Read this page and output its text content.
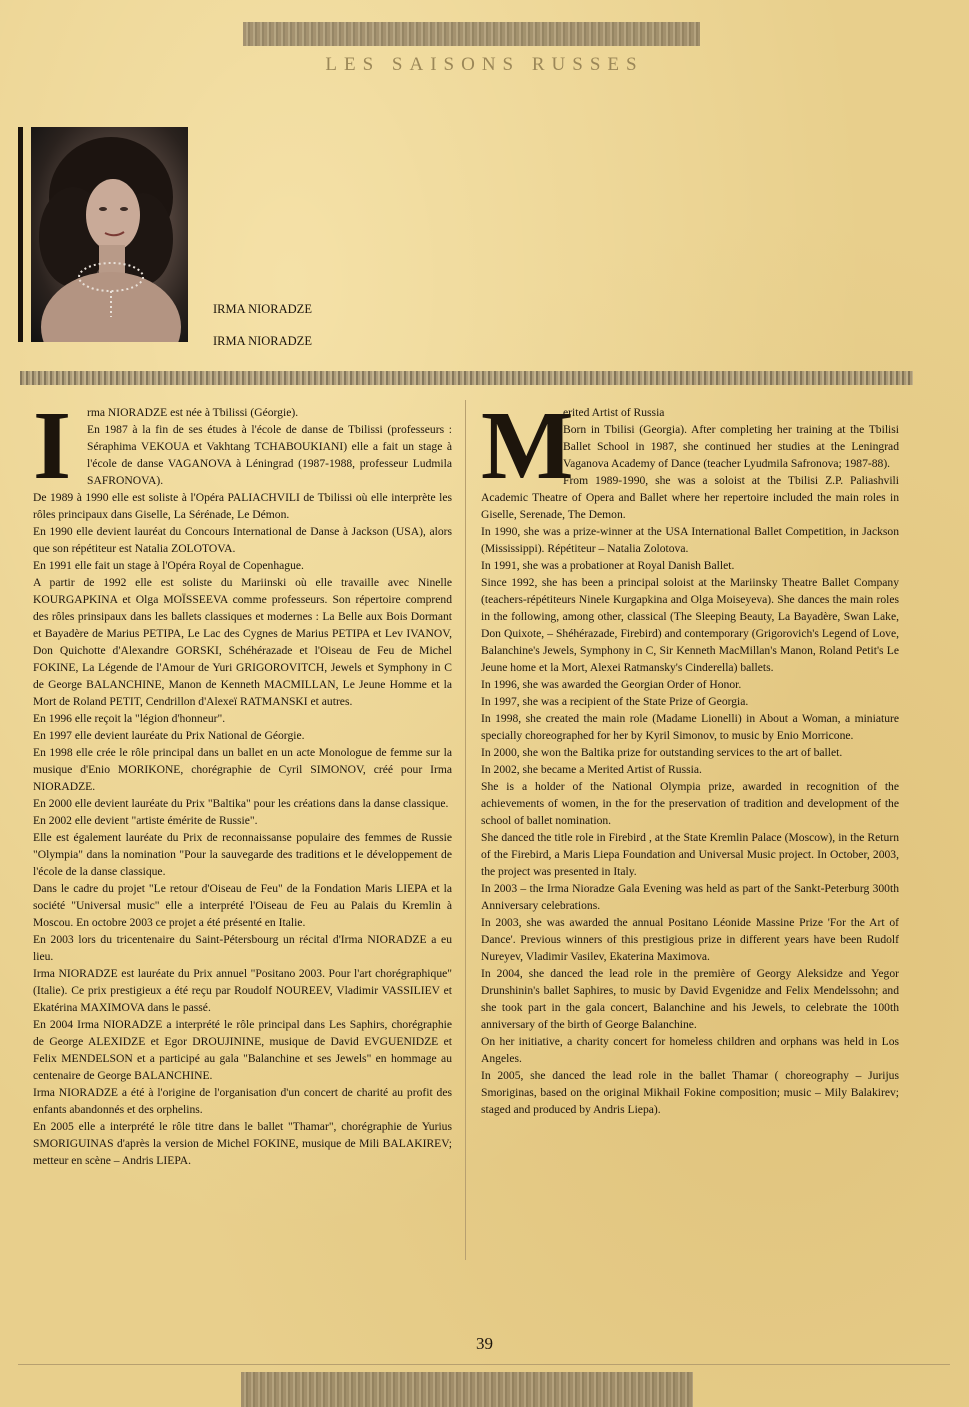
LES SAISONS RUSSES
IRMA NIORADZE
IRMA NIORADZE
I	rma NIORADZE est née à Tbilissi (Géorgie).

En 1987 à la fin de ses études à l'école de danse de Tbilissi (professeurs : Séraphima VEKOUA et Vakhtang TCHABOUKIANI) elle a fait un stage à l'école de danse VAGANOVA à Léningrad (1987-1988, professeur Ludmila SAFRONOVA).

De 1989 à 1990 elle est soliste à l'Opéra PALIACHVILI de Tbilissi où elle interprète les rôles principaux dans Giselle, La Sérénade, Le Démon.

En 1990 elle devient lauréat du Concours International de Danse à Jackson (USA), alors que son répétiteur est Natalia ZOLOTOVA.

En 1991 elle fait un stage à l'Opéra Royal de Copenhague.

A partir de 1992 elle est soliste du Mariinski où elle travaille avec Ninelle KOURGAPKINA et Olga MOÏSSEEVA comme professeurs. Son répertoire comprend des rôles prinsipaux dans les ballets classiques et modernes : La Belle aux Bois Dormant et Bayadère de Marius PETIPA, Le Lac des Cygnes de Marius PETIPA et Lev IVANOV, Don Quichotte d'Alexandre GORSKI, Schéhérazade et l'Oiseau de Feu de Michel FOKINE, La Légende de l'Amour de Yuri GRIGOROVITCH, Jewels et Symphony in C de George BALANCHINE, Manon de Kenneth MACMILLAN, Le Jeune Homme et la Mort de Roland PETIT, Cendrillon d'Alexeï RATMANSKI et autres.

En 1996 elle reçoit la "légion d'honneur".

En 1997 elle devient lauréate du Prix National de Géorgie.

En 1998 elle crée le rôle principal dans un ballet en un acte Monologue de femme sur la musique d'Enio MORIKONE, chorégraphie de Cyril SIMONOV, créé pour Irma NIORADZE.

En 2000 elle devient lauréate du Prix "Baltika" pour les créations dans la danse classique.

En 2002 elle devient "artiste émérite de Russie".

Elle est également lauréate du Prix de reconnaissanse populaire des femmes de Russie "Olympia" dans la nomination "Pour la sauvegarde des traditions et le développement de l'école de la danse classique.

Dans le cadre du projet "Le retour d'Oiseau de Feu" de la Fondation Maris LIEPA et la société "Universal music" elle a interprété l'Oiseau de Feu au Palais du Kremlin à Moscou. En octobre 2003 ce projet a été présenté en Italie.

En 2003 lors du tricentenaire du Saint-Pétersbourg un récital d'Irma NIORADZE a eu lieu.

Irma NIORADZE est lauréate du Prix annuel "Positano 2003. Pour l'art chorégraphique" (Italie). Ce prix prestigieux a été reçu par Roudolf NOUREEV, Vladimir VASSILIEV et Ekatérina MAXIMOVA dans le passé.

En 2004 Irma NIORADZE a interprété le rôle principal dans Les Saphirs, chorégraphie de George ALEXIDZE et Egor DROUJININE, musique de David EVGUENIDZE et Felix MENDELSON et a participé au gala "Balanchine et ses Jewels" en hommage au centenaire de George BALANCHINE.

Irma NIORADZE a été à l'origine de l'organisation d'un concert de charité au profit des enfants abandonnés et des orphelins.

En 2005 elle a interprété le rôle titre dans le ballet "Thamar", chorégraphie de Yurius SMORIGUINAS d'après la version de Michel FOKINE, musique de Mili BALAKIREV; metteur en scène – Andris LIEPA.

M

erited Artist of Russia

Born in Tbilisi (Georgia). After completing her training at the Tbilisi Ballet School in 1987, she continued her studies at the Leningrad Vaganova Academy of Dance (teacher Lyudmila Safronova; 1987-88).

From 1989-1990, she was a soloist at the Tbilisi Z.P. Paliashvili Academic Theatre of Opera and Ballet where her repertoire included the main roles in Giselle, Serenade, The Demon.

In 1990, she was a prize-winner at the USA International Ballet Competition, in Jackson (Mississippi). Répétiteur – Natalia Zolotova.

In 1991, she was a probationer at Royal Danish Ballet.

Since 1992, she has been a principal soloist at the Mariinsky Theatre Ballet Company (teachers-répétiteurs Ninele Kurgapkina and Olga Moiseyeva). She dances the main roles in the following, among other, classical (The Sleeping Beauty, La Bayadère, Swan Lake, Don Quixote, – Shéhérazade, Firebird) and contemporary (Grigorovich's Legend of Love, Balanchine's Jewels, Symphony in C, Sir Kenneth MacMillan's Manon, Roland Petit's Le Jeune home et la Mort, Alexei Ratmansky's Cinderella) ballets.

In 1996, she was awarded the Georgian Order of Honor.

In 1997, she was a recipient of the State Prize of Georgia.

In 1998, she created the main role (Madame Lionelli) in About a Woman, a miniature specially choreographed for her by Kyril Simonov, to music by Enio Morricone.

In 2000, she won the Baltika prize for outstanding services to the art of ballet.

In 2002, she became a Merited Artist of Russia.

She is a holder of the National Olympia prize, awarded in recognition of the achievements of women, in the for the preservation of tradition and development of the school of ballet nomination.

She danced the title role in Firebird , at the State Kremlin Palace (Moscow), in the Return of the Firebird, a Maris Liepa Foundation and Universal Music project. In October, 2003, the project was presented in Italy.

In 2003 – the Irma Nioradze Gala Evening was held as part of the Sankt-Peterburg 300th Anniversary celebrations.

In 2003, she was awarded the annual Positano Léonide Massine Prize 'For the Art of Dance'. Previous winners of this prestigious prize in different years have been Rudolf Nureyev, Vladimir Vasilev, Ekaterina Maximova.

In 2004, she danced the lead role in the première of Georgy Aleksidze and Yegor Drunshinin's ballet Saphires, to music by David Evgenidze and Felix Mendelssohn; and she took part in the gala concert, Balanchine and his Jewels, to celebrate the 100th anniversary of the birth of George Balanchine.

On her initiative, a charity concert for homeless children and orphans was held in Los Angeles.

In 2005, she danced the lead role in the ballet Thamar ( choreography – Jurijus Smoriginas, based on the original Mikhail Fokine composition; music – Mily Balakirev; staged and produced by Andris Liepa).

39
